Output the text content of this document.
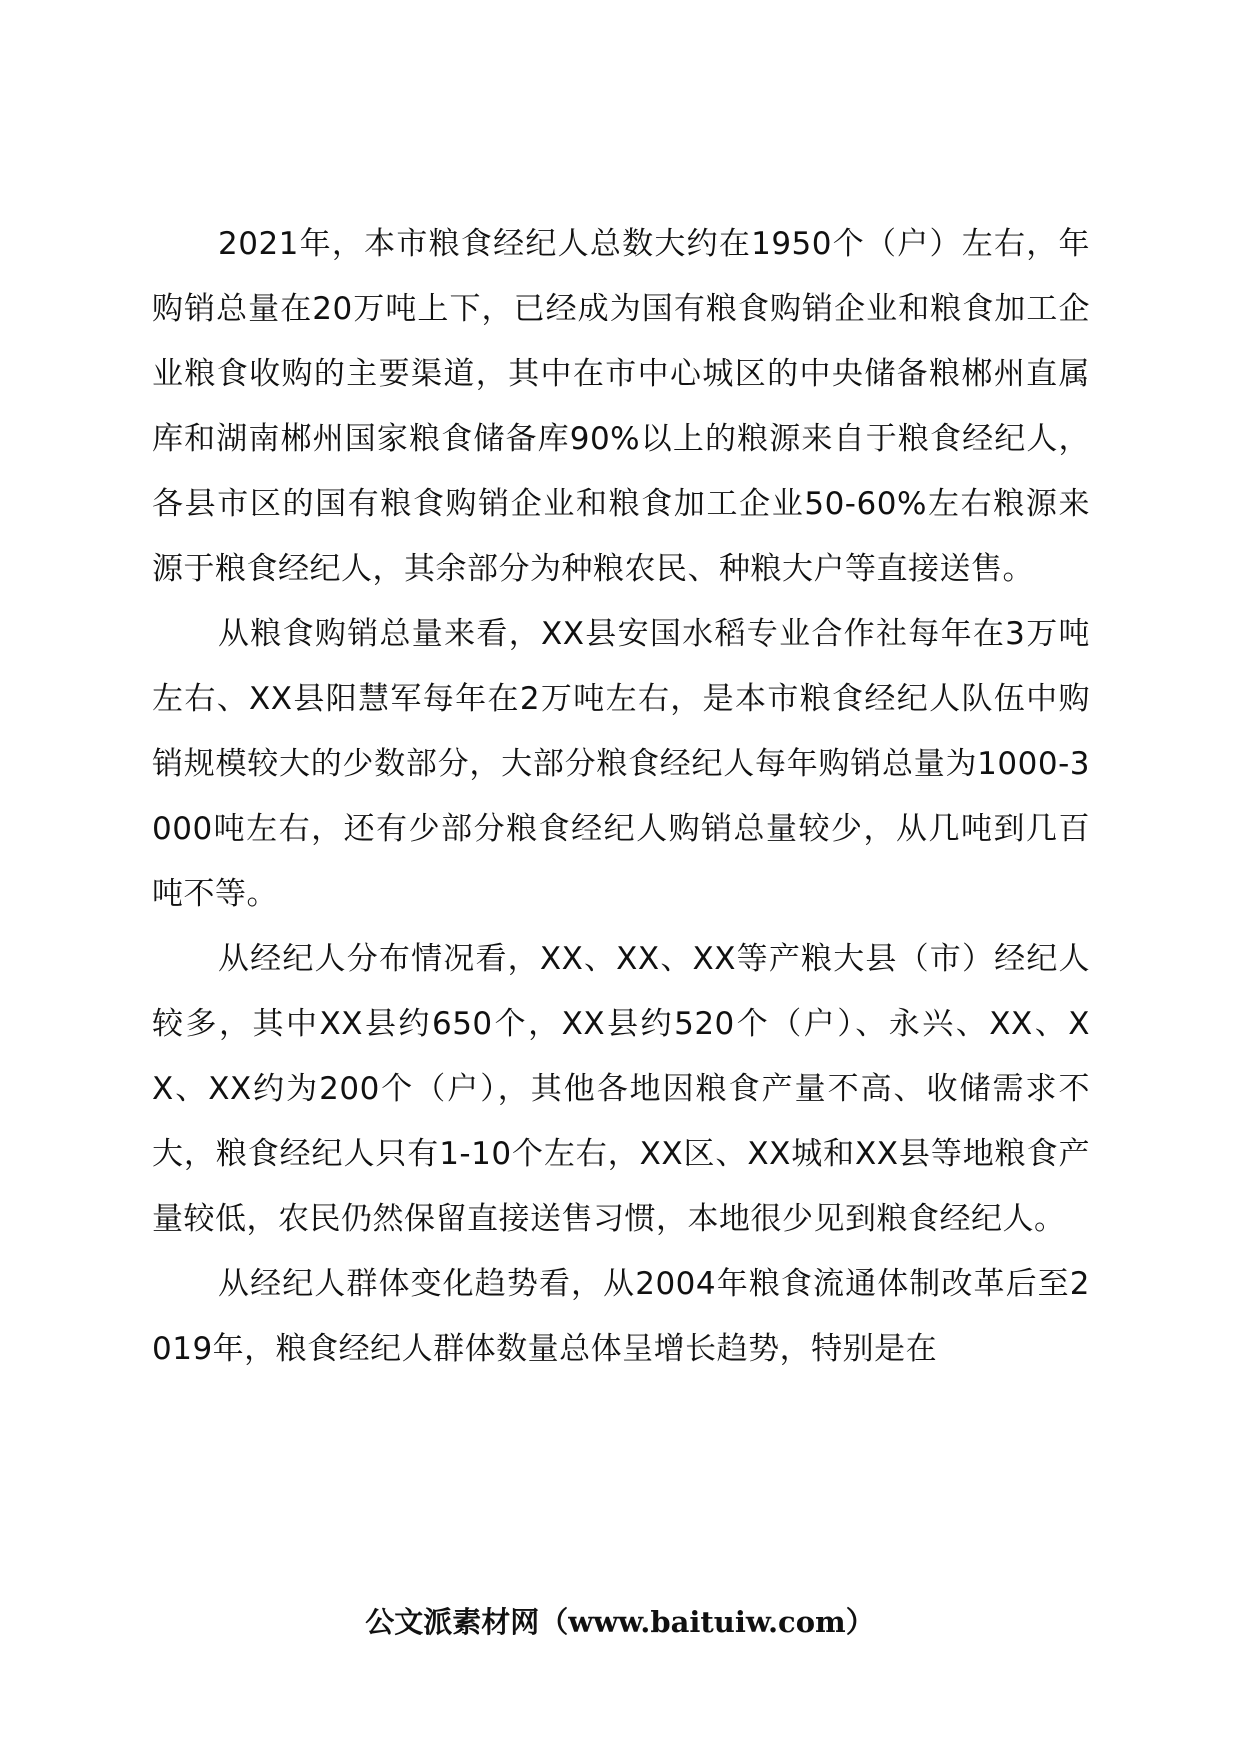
2021年，本市粮食经纪人总数大约在1950个（户）左右，年购销总量在20万吨上下，已经成为国有粮食购销企业和粮食加工企业粮食收购的主要渠道，其中在市中心城区的中央储备粮郴州直属库和湖南郴州国家粮食储备库90%以上的粮源来自于粮食经纪人，各县市区的国有粮食购销企业和粮食加工企业50-60%左右粮源来源于粮食经纪人，其余部分为种粮农民、种粮大户等直接送售。

从粮食购销总量来看，XX县安国水稻专业合作社每年在3万吨左右、XX县阳慧军每年在2万吨左右，是本市粮食经纪人队伍中购销规模较大的少数部分，大部分粮食经纪人每年购销总量为1000-3000吨左右，还有少部分粮食经纪人购销总量较少，从几吨到几百吨不等。

从经纪人分布情况看，XX、XX、XX等产粮大县（市）经纪人较多，其中XX县约650个，XX县约520个（户）、永兴、XX、XX、XX约为200个（户），其他各地因粮食产量不高、收储需求不大，粮食经纪人只有1-10个左右，XX区、XX城和XX县等地粮食产量较低，农民仍然保留直接送售习惯，本地很少见到粮食经纪人。

从经纪人群体变化趋势看，从2004年粮食流通体制改革后至2019年，粮食经纪人群体数量总体呈增长趋势，特别是在

公文派素材网（www.baituiw.com）
